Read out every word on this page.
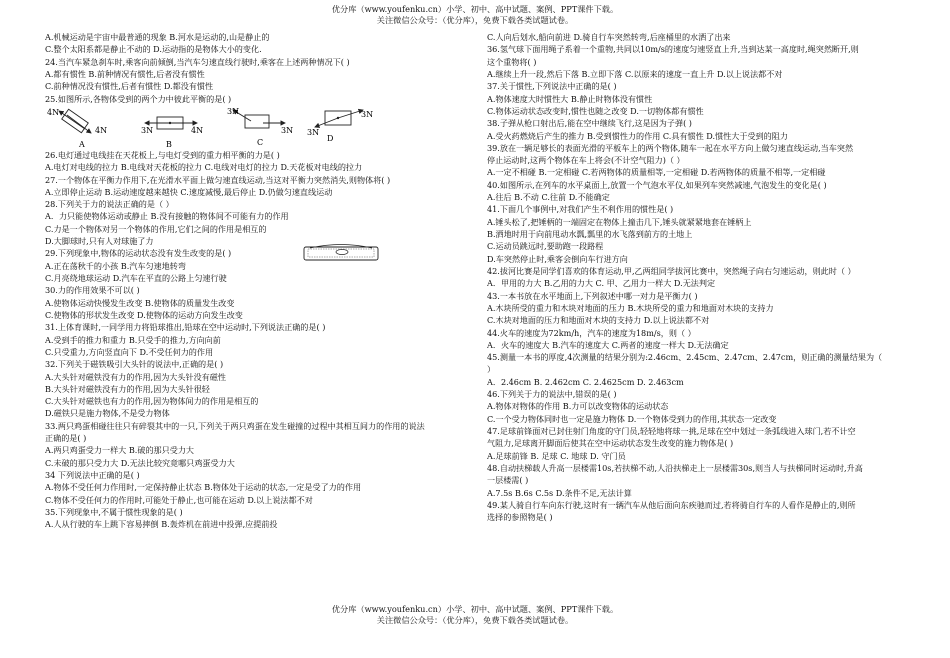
优分库（www.youfenku.cn）小学、初中、高中试题、案例、PPT课件下载。
关注微信公众号：（优分库），免费下载各类试题试卷。
A.机械运动是宇宙中最普通的现象 B.河水是运动的,山是静止的
C.整个太阳系都是静止不动的 D.运动指的是物体大小的变化.
24.当汽车紧急刹车时,乘客向前倾倒,当汽车匀速直线行驶时,乘客在上述两种情况下( )
A.都有惯性 B.前种情况有惯性,后者没有惯性
C.前种情况没有惯性,后者有惯性 D.都没有惯性
25.如图所示,各物体受到的两个力中彼此平衡的是( )
4N
4N
A
3N	4N
B
3N
3N
C
3N
3N
D
26.电灯通过电线挂在天花板上,与电灯受到的重力相平衡的力是( )
A.电灯对电线的拉力 B.电线对天花板的拉力 C.电线对电灯的拉力 D.天花板对电线的拉力
27.一个物体在平衡力作用下,在光滑水平面上做匀速直线运动,当这对平衡力突然消失,则物体将( )
A.立即停止运动 B.运动速度越来越快 C.速度减慢,最后停止 D.仍做匀速直线运动
28.下列关于力的说法正确的是（ ）
A．力只能使物体运动或静止 B.没有接触的物体间不可能有力的作用
C.力是一个物体对另一个物体的作用,它们之间的作用是相互的
D.大脚球时,只有人对球施了力
29.下列现象中,物体的运动状态没有发生改变的是( )
A.正在荡秋千的小孩 B.汽车匀速地转弯
C.月亮绕地球运动 D.汽车在平直的公路上匀速行驶
30.力的作用效果不可以( )
A.使物体运动快慢发生改变 B.使物体的质量发生改变
C.使物体的形状发生改变 D.使物体的运动方向发生改变
31.上体育课时,一同学用力将铅球推出,铅球在空中运动时,下列说法正确的是( )
A.受到手的推力和重力 B.只受手的推力,方向向前
C.只受重力,方向竖直向下 D.不受任何力的作用
32.下列关于磁铁吸引大头针的说法中,正确的是( )
A.大头针对磁铁没有力的作用,因为大头针没有磁性
B.大头针对磁铁没有力的作用,因为大头针很轻
C.大头针对磁铁也有力的作用,因为物体间力的作用是相互的
D.磁铁只是施力物体,不是受力物体
33.两只鸡蛋相碰往往只有碎裂其中的一只,下列关于两只鸡蛋在发生碰撞的过程中其相互间力的作用的说法
正确的是( )
A.两只鸡蛋受力一样大 B.破的那只受力大
C.未破的那只受力大 D.无法比较究竟哪只鸡蛋受力大
34 下列说法中正确的是( )
A.物体不受任何力作用时,一定保持静止状态 B.物体处于运动的状态,一定是受了力的作用
C.物体不受任何力的作用时,可能处于静止,也可能在运动 D.以上说法都不对
35.下列现象中,不属于惯性现象的是( )
A.人从行驶的车上跳下容易摔倒 B.轰炸机在前进中投弹,应提前投
C.人向后划水,船向前进 D.骑自行车突然转弯,后座桶里的水洒了出来
36.氢气球下面用绳子系着一个重物,共同以10m/s的速度匀速竖直上升,当到达某一高度时,绳突然断开,则
这个重物将( )
A.继续上升一段,然后下落 B.立即下落 C.以原来的速度一直上升 D.以上说法都不对
37.关于惯性,下列说法中正确的是( )
A.物体速度大时惯性大 B.静止时物体没有惯性
C.物体运动状态改变时,惯性也随之改变 D.一切物体都有惯性
38.子弹从枪口射出后,能在空中继续飞行,这是因为子弹( )
A.受火药燃烧后产生的推力 B.受到惯性力的作用 C.具有惯性 D.惯性大于受到的阻力
39.放在一辆足够长的表面光滑的平板车上的两个物体,随车一起在水平方向上做匀速直线运动,当车突然
停止运动时,这两个物体在车上将会(不计空气阻力)（ ）
A.一定不相碰 B.一定相碰 C.若两物体的质量相等,一定相碰 D.若两物体的质量不相等,一定相碰
40.如图所示,在列车的水平桌面上,放置一个气泡水平仪,如果列车突然减速,气泡发生的变化是( )
A.往后 B.不动 C.往前 D.不能确定
41.下面几个事例中,对我们产生不利作用的惯性是( )
A.锤头松了,把锤柄的一端固定在物体上撞击几下,锤头就紧紧地套在锤柄上
B.洒地时用于向前甩动水瓢,瓢里的水飞落到前方的土地上
C.运动员跳远时,要助跑一段路程
D.车突然停止时,乘客会倒向车行进方向
42.拔河比赛是同学们喜欢的体育运动,甲,乙两组同学拔河比赛中，突然绳子向右匀速运动，则此时（ ）
A．甲用的力大 B.乙用的力大 C. 甲、乙用力一样大 D.无法判定
43.一本书放在水平地面上,下列叙述中哪一对力是平衡力( )
A.木块所受的重力和木块对地面的压力 B.木块所受的重力和地面对木块的支持力
C.木块对地面的压力和地面对木块的支持力 D.以上说法都不对
44.火车的速度为72km/h，汽车的速度为18m/s，则（ ）
A．火车的速度大 B.汽车的速度大 C.两者的速度一样大 D.无法确定
45.测量一本书的厚度,4次测量的结果分别为:2.46cm、2.45cm、2.47cm、2.47cm，则正确的测量结果为（
）
A．2.46cm B. 2.462cm C. 2.4625cm D. 2.463cm
46.下列关于力的说法中,错误的是( )
A.物体对物体的作用 B.力可以改变物体的运动状态
C.一个受力物体同时也一定是施力物体 D.一个物体受到力的作用,其状态一定改变
47.足球前锋面对已封住射门角度的守门员,轻轻地将球一挑,足球在空中划过一条弧线进入球门,若不计空
气阻力,足球离开脚面后使其在空中运动状态发生改变的施力物体是( )
A.足球前锋 B. 足球 C. 地球 D. 守门员
48.自动扶梯载人升高一层楼需10s,若扶梯不动,人沿扶梯走上一层楼需30s,则当人与扶梯同时运动时,升高
一层楼需( )
A.7.5s B.6s C.5s D.条件不足,无法计算
49.某人骑自行车向东行驶,这时有一辆汽车从他后面向东疾驰而过,若将骑自行车的人看作是静止的,则所
选择的参照物是( )
优分库（www.youfenku.cn）小学、初中、高中试题、案例、PPT课件下载。
关注微信公众号：（优分库），免费下载各类试题试卷。
